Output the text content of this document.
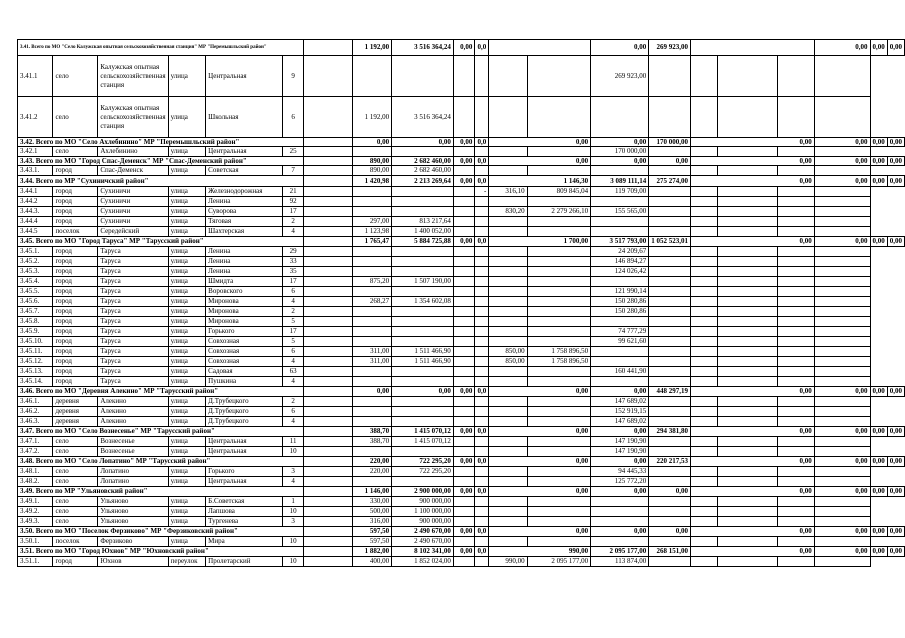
3.41. Всего по МО "Село Калужская опытная сельскохозяйственная станция" МР "Перемышльский район"							1 192,00	3 516 364,24	0,00	0,0			0,00	269 923,00				0,00	0,00	0,00
3.41.1	село	Калужская опытная сельскохозяйственная станция	улица	Центральная	9								269 923,00							
3.41.2	село	Калужская опытная сельскохозяйственная станция	улица	Школьная	6		1 192,00	3 516 364,24												
3.42. Всего по МО "Село Ахлебинино" МР "Перемышльский район"							0,00	0,00	0,00	0,0	0,00		0,00	170 000,00	0,00			0,00	0,00	0,00
3.42.1	село	Ахлебинино	улица	Центральная	25								170 000,00							
3.43. Всего по МО "Город Спас-Деменск" МР "Спас-Деменский район"							890,00	2 682 460,00	0,00	0,0	0,00		0,00	0,00	0,00			0,00	0,00	0,00
3.43.1.	город	Спас-Деменск	улица	Советская	7		890,00	2 682 460,00												
3.44. Всего по МР "Сухиничский район"							1 420,98	2 213 269,64	0,00	0,0	1 146,30		3 089 111,14	275 274,00	0,00			0,00	0,00	0,00
3.44.1	город	Сухиничи	улица	Железнодорожная	21					-	316,10	809 845,04	119 709,00							
3.44.2	город	Сухиничи	улица	Ленина	92															
3.44.3.	город	Сухиничи	улица	Суворова	17						830,20	2 279 266,10	155 565,00							
3.44.4	город	Сухиничи	улица	Тяговая	2		297,00	813 217,64												
3.44.5	поселок	Середейский	улица	Шахтерская	4		1 123,98	1 400 052,00												
3.45. Всего по МО "Город Таруса" МР "Тарусский район"							1 765,47	5 884 725,88	0,00	0,0	1 700,00		3 517 793,00	1 052 523,01	0,00			0,00	0,00	0,00
3.45.1.	город	Таруса	улица	Ленина	29								24 209,67							
3.45.2.	город	Таруса	улица	Ленина	33								146 894,27							
3.45.3.	город	Таруса	улица	Ленина	35								124 026,42							
3.45.4.	город	Таруса	улица	Шмидта	17		875,20	1 507 190,00												
3.45.5.	город	Таруса	улица	Воровского	6								121 990,14							
3.45.6.	город	Таруса	улица	Миронова	4		268,27	1 354 602,08					150 280,86							
3.45.7.	город	Таруса	улица	Миронова	2								150 280,86							
3.45.8.	город	Таруса	улица	Миронова	5															
3.45.9.	город	Таруса	улица	Горького	17								74 777,29							
3.45.10.	город	Таруса	улица	Совхозная	5								99 621,60							
3.45.11.	город	Таруса	улица	Совхозная	6		311,00	1 511 466,90			850,00	1 758 896,50								
3.45.12.	город	Таруса	улица	Совхозная	4		311,00	1 511 466,90			850,00	1 758 896,50								
3.45.13.	город	Таруса	улица	Садовая	63								160 441,90							
3.45.14.	город	Таруса	улица	Пушкина	4															
3.46. Всего по МО "Деревня Алекино" МР "Тарусский район"							0,00	0,00	0,00	0,0	0,00		0,00	448 297,19	0,00			0,00	0,00	0,00
3.46.1.	деревня	Алекино	улица	Д.Трубецкого	2								147 689,02							
3.46.2.	деревня	Алекино	улица	Д.Трубецкого	6								152 919,15							
3.46.3.	деревня	Алекино	улица	Д.Трубецкого	4								147 689,02							
3.47. Всего по МО "Село Вознесенье" МР "Тарусский район"							388,70	1 415 070,12	0,00	0,0	0,00		0,00	294 381,80	0,00			0,00	0,00	0,00
3.47.1.	село	Вознесенье	улица	Центральная	11		388,70	1 415 070,12					147 190,90							
3.47.2.	село	Вознесенье	улица	Центральная	10								147 190,90							
3.48. Всего по МО "Село Лопатино" МР "Тарусский район"							220,00	722 295,20	0,00	0,0	0,00		0,00	220 217,53	0,00			0,00	0,00	0,00
3.48.1.	село	Лопатино	улица	Горького	3		220,00	722 295,20					94 445,33							
3.48.2.	село	Лопатино	улица	Центральная	4								125 772,20							
3.49. Всего по МР "Ульяновский район"							1 146,00	2 900 000,00	0,00	0,0	0,00		0,00	0,00	0,00			0,00	0,00	0,00
3.49.1.	село	Ульяново	улица	Б.Советская	1		330,00	900 000,00												
3.49.2.	село	Ульяново	улица	Лапшова	10		500,00	1 100 000,00												
3.49.3.	село	Ульяново	улица	Тургенева	3		316,00	900 000,00												
3.50. Всего по МО "Поселок Ферзиково" МР "Ферзиковский район"							597,50	2 490 670,00	0,00	0,0	0,00		0,00	0,00	0,00			0,00	0,00	0,00
3.50.1.	поселок	Ферзиково	улица	Мира	10		597,50	2 490 670,00												
3.51. Всего по МО "Город Юхнов" МР "Юхновский район"							1 882,00	8 102 341,00	0,00	0,0	990,00		2 095 177,00	268 151,00	0,00			0,00	0,00	0,00
3.51.1.	город	Юхнов	переулок	Пролетарский	10		400,00	1 852 024,00			990,00	2 095 177,00	113 874,00							
